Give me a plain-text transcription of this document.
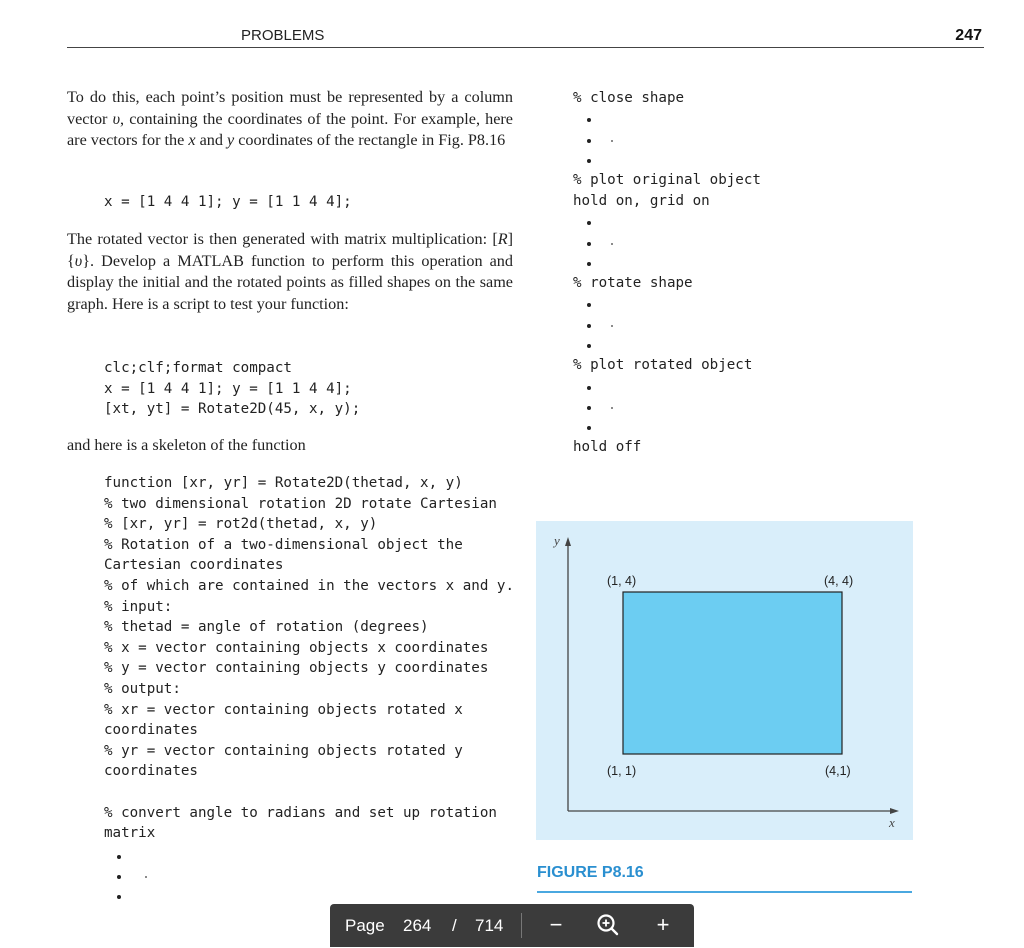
PROBLEMS	247
To do this, each point’s position must be represented by a column vector υ, containing the coordinates of the point. For example, here are vectors for the x and y coordinates of the rectangle in Fig. P8.16
x = [1 4 4 1]; y = [1 1 4 4];
The rotated vector is then generated with matrix multiplication: [R]{υ}. Develop a MATLAB function to perform this operation and display the initial and the rotated points as filled shapes on the same graph. Here is a script to test your function:
clc;clf;format compact
x = [1 4 4 1]; y = [1 1 4 4];
[xt, yt] = Rotate2D(45, x, y);
and here is a skeleton of the function
function [xr, yr] = Rotate2D(thetad, x, y)
% two dimensional rotation 2D rotate Cartesian
% [xr, yr] = rot2d(thetad, x, y)
% Rotation of a two-dimensional object the
Cartesian coordinates
% of which are contained in the vectors x and y.
% input:
% thetad = angle of rotation (degrees)
% x = vector containing objects x coordinates
% y = vector containing objects y coordinates
% output:
% xr = vector containing objects rotated x
coordinates
% yr = vector containing objects rotated y
coordinates
% convert angle to radians and set up rotation
matrix
% close shape
% plot original object
hold on, grid on
% rotate shape
% plot rotated object
hold off
y
x
(1, 4)	(4, 4)
(1, 1)	(4,1)
FIGURE P8.16
Page 264 / 714	−	+
